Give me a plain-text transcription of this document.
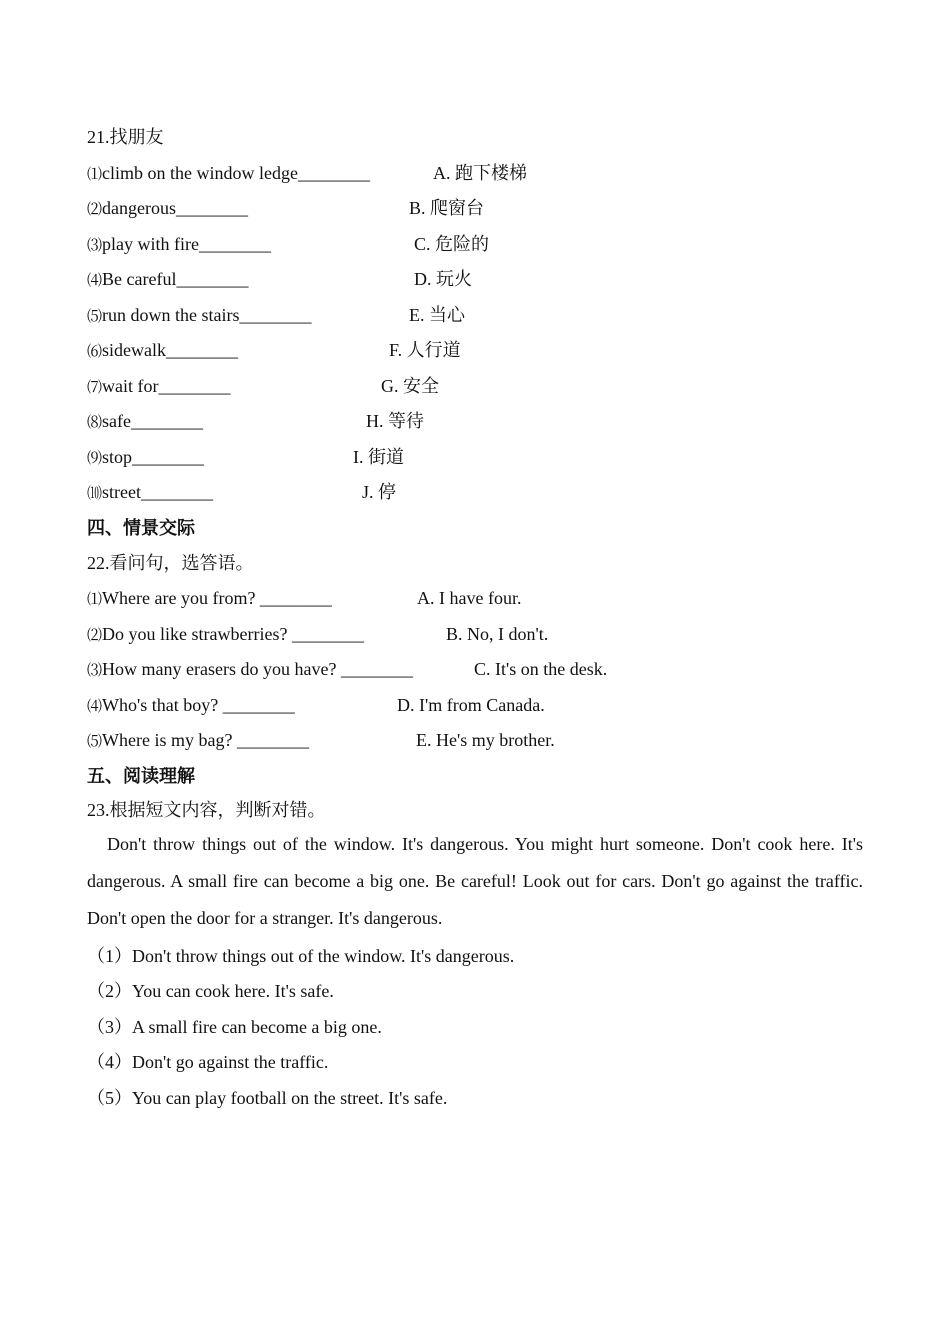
21.找朋友
⑴climb on the window ledge________	A. 跑下楼梯
⑵dangerous________	B. 爬窗台
⑶play with fire________	C. 危险的
⑷Be careful________	D. 玩火
⑸run down the stairs________	E. 当心
⑹sidewalk________	F. 人行道
⑺wait for________	G. 安全
⑻safe________	H. 等待
⑼stop________	I. 街道
⑽street________	J. 停
四、情景交际
22.看问句，选答语。
⑴Where are you from? ________	A. I have four.
⑵Do you like strawberries? ________	B. No, I don't.
⑶How many erasers do you have? ________	C. It's on the desk.
⑷Who's that boy? ________	D. I'm from Canada.
⑸Where is my bag? ________	E. He's my brother.
五、阅读理解
23.根据短文内容，判断对错。
Don't throw things out of the window. It's dangerous. You might hurt someone. Don't cook here. It's dangerous. A small fire can become a big one. Be careful! Look out for cars. Don't go against the traffic. Don't open the door for a stranger. It's dangerous.
（1）Don't throw things out of the window. It's dangerous.
（2）You can cook here. It's safe.
（3）A small fire can become a big one.
（4）Don't go against the traffic.
（5）You can play football on the street. It's safe.
